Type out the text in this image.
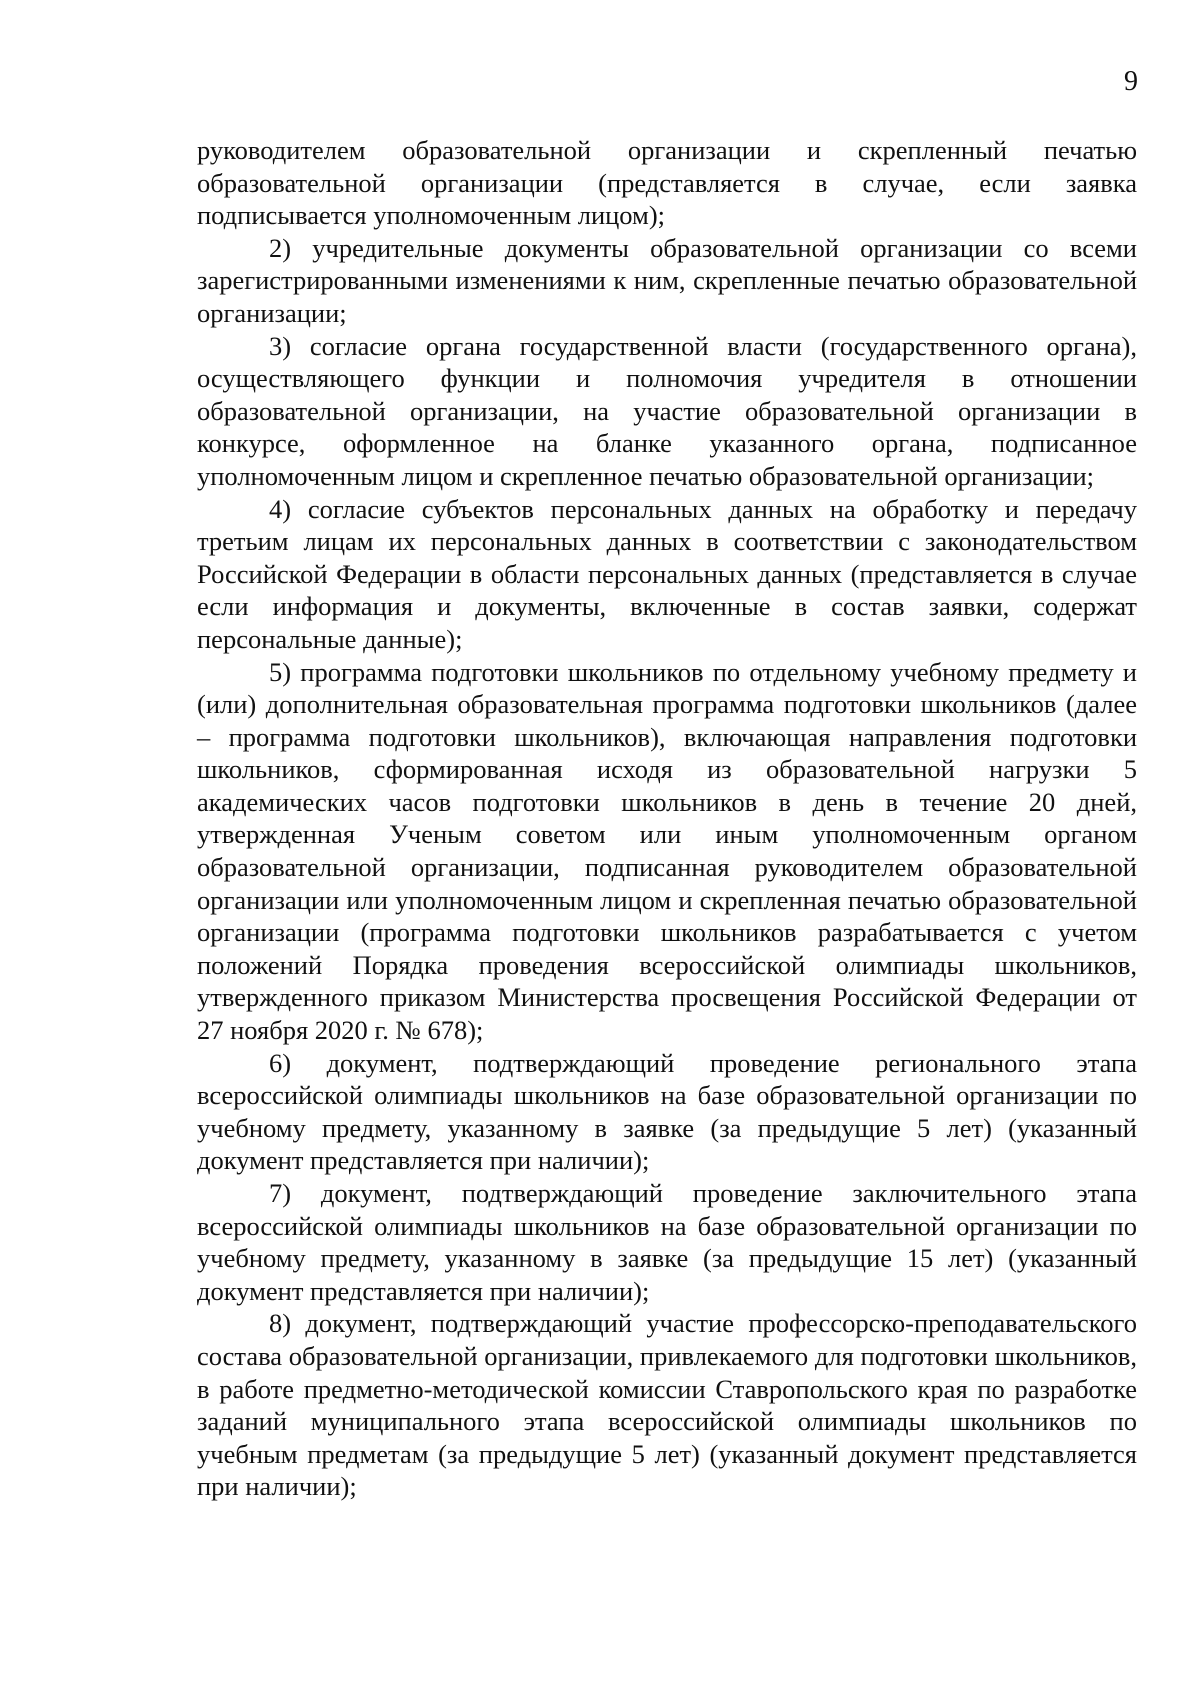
9

руководителем образовательной организации и скрепленный печатью образовательной организации (представляется в случае, если заявка подписывается уполномоченным лицом);

2) учредительные документы образовательной организации со всеми зарегистрированными изменениями к ним, скрепленные печатью образовательной организации;

3) согласие органа государственной власти (государственного органа), осуществляющего функции и полномочия учредителя в отношении образовательной организации, на участие образовательной организации в конкурсе, оформленное на бланке указанного органа, подписанное уполномоченным лицом и скрепленное печатью образовательной организации;

4) согласие субъектов персональных данных на обработку и передачу третьим лицам их персональных данных в соответствии с законодательством Российской Федерации в области персональных данных (представляется в случае если информация и документы, включенные в состав заявки, содержат персональные данные);

5) программа подготовки школьников по отдельному учебному предмету и (или) дополнительная образовательная программа подготовки школьников (далее – программа подготовки школьников), включающая направления подготовки школьников, сформированная исходя из образовательной нагрузки 5 академических часов подготовки школьников в день в течение 20 дней, утвержденная Ученым советом или иным уполномоченным органом образовательной организации, подписанная руководителем образовательной организации или уполномоченным лицом и скрепленная печатью образовательной организации (программа подготовки школьников разрабатывается с учетом положений Порядка проведения всероссийской олимпиады школьников, утвержденного приказом Министерства просвещения Российской Федерации от 27 ноября 2020 г. № 678);

6) документ, подтверждающий проведение регионального этапа всероссийской олимпиады школьников на базе образовательной организации по учебному предмету, указанному в заявке (за предыдущие 5 лет) (указанный документ представляется при наличии);

7) документ, подтверждающий проведение заключительного этапа всероссийской олимпиады школьников на базе образовательной организации по учебному предмету, указанному в заявке (за предыдущие 15 лет) (указанный документ представляется при наличии);

8) документ, подтверждающий участие профессорско-преподавательского состава образовательной организации, привлекаемого для подготовки школьников, в работе предметно-методической комиссии Ставропольского края по разработке заданий муниципального этапа всероссийской олимпиады школьников по учебным предметам (за предыдущие 5 лет) (указанный документ представляется при наличии);
